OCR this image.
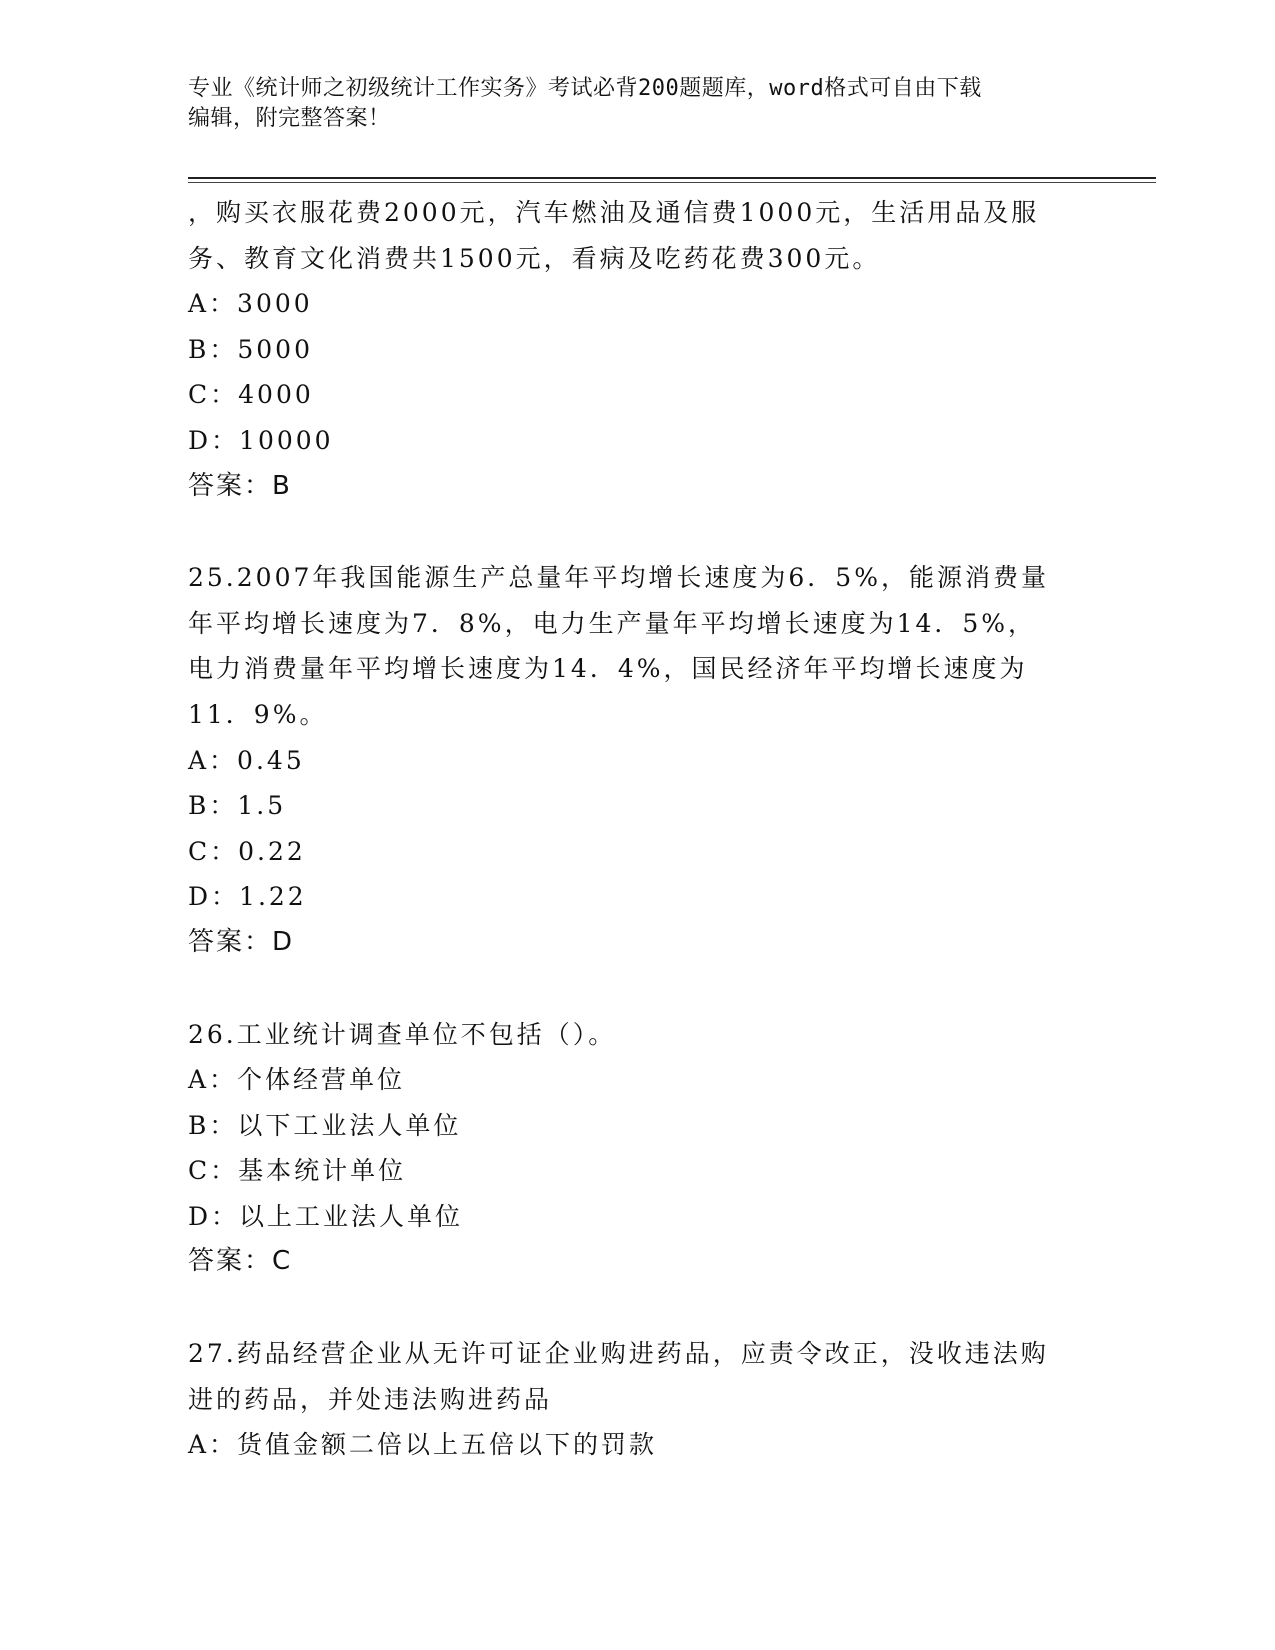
专业《统计师之初级统计工作实务》考试必背200题题库，word格式可自由下载
编辑，附完整答案！
，购买衣服花费2000元，汽车燃油及通信费1000元，生活用品及服
务、教育文化消费共1500元，看病及吃药花费300元。
A：3000
B：5000
C：4000
D：10000
答案：B
25.2007年我国能源生产总量年平均增长速度为6．5%，能源消费量
年平均增长速度为7．8%，电力生产量年平均增长速度为14．5%，
电力消费量年平均增长速度为14．4%，国民经济年平均增长速度为
11．9%。
A：0.45
B：1.5
C：0.22
D：1.22
答案：D
26.工业统计调查单位不包括（）。
A：个体经营单位
B：以下工业法人单位
C：基本统计单位
D：以上工业法人单位
答案：C
27.药品经营企业从无许可证企业购进药品，应责令改正，没收违法购
进的药品，并处违法购进药品
A：货值金额二倍以上五倍以下的罚款
